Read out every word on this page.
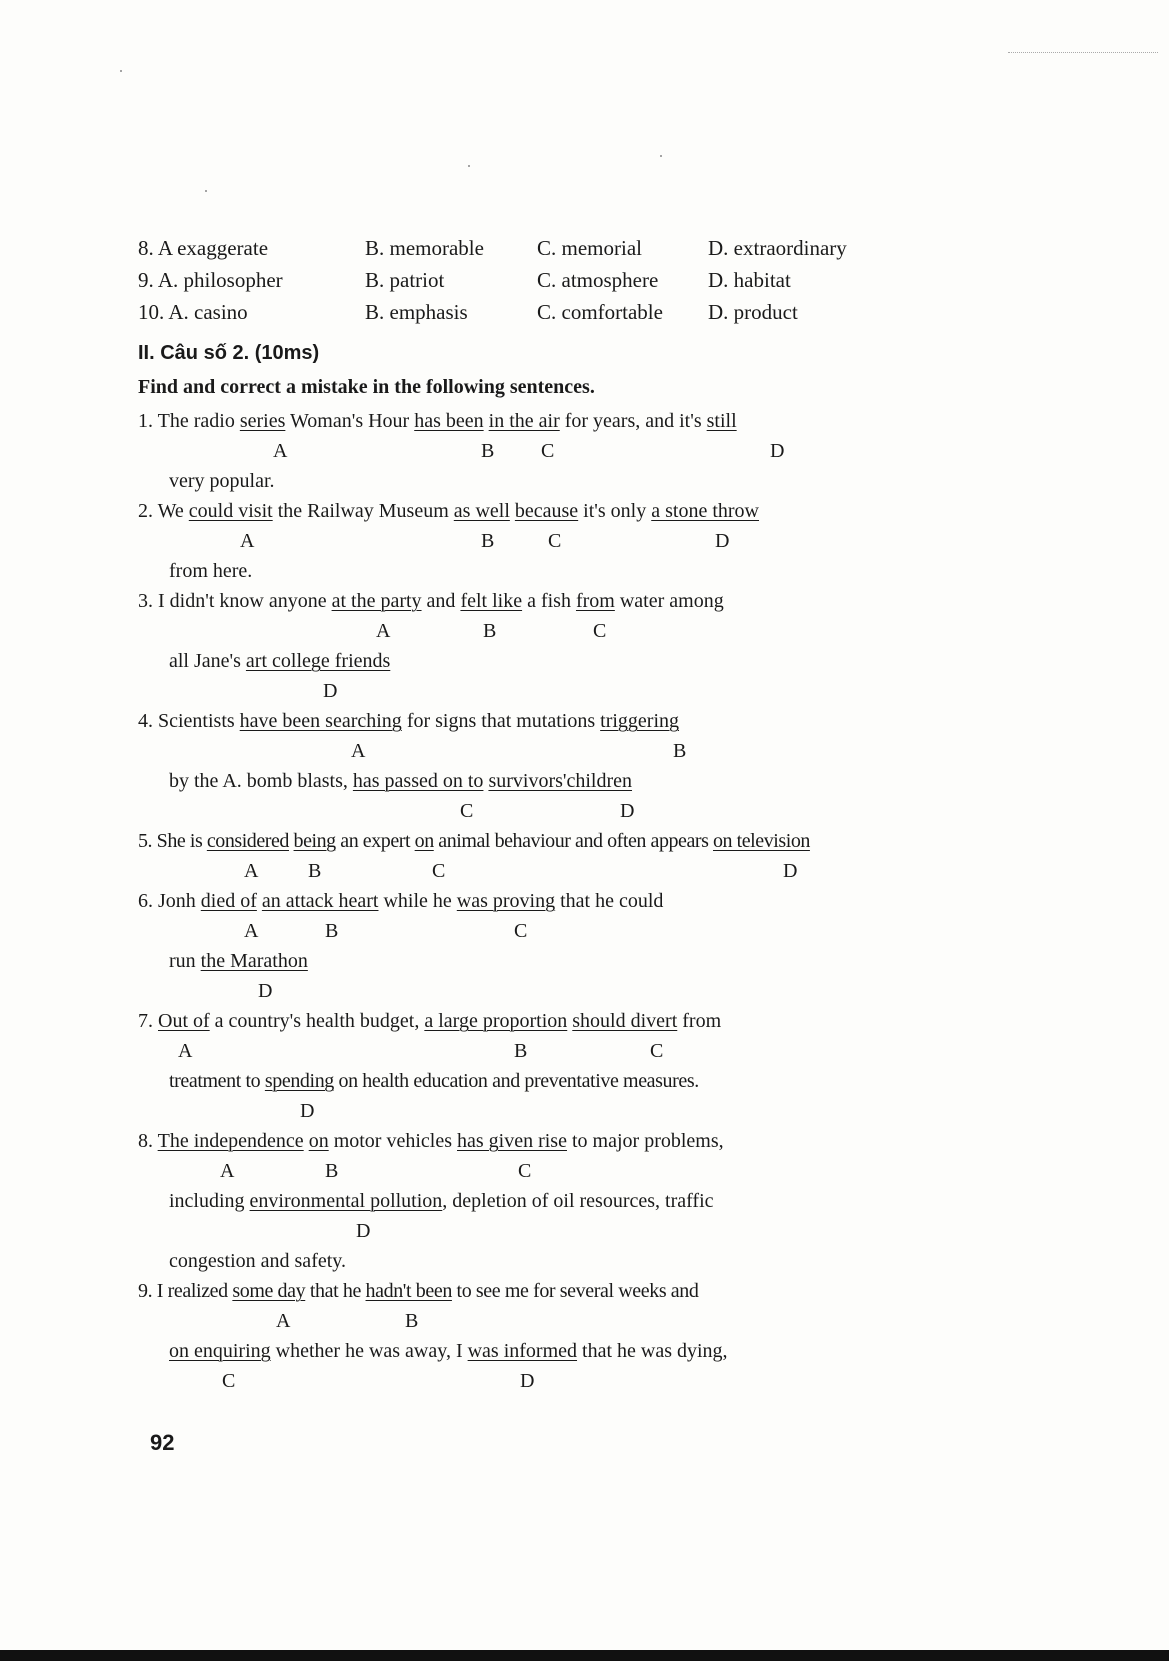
8. A exaggerate	B. memorable	C. memorial	D. extraordinary
9. A. philosopher	B. patriot	C. atmosphere D. habitat
10. A. casino	B. emphasis	C. comfortable D. product
II. Câu số 2. (10ms)
Find and correct a mistake in the following sentences.
1. The radio series Woman's Hour has been in the air for years, and it's still
A	B C	D
very popular.
2. We could visit the Railway Museum as well because it's only a stone throw
A	B	C	D
from here.
3. I didn't know anyone at the party and felt like a fish from water among
A	B	C
all Jane's art college friends
D
4. Scientists have been searching for signs that mutations triggering
A	B
by the A. bomb blasts, has passed on to survivors'children
C	D
5. She is considered being an expert on animal behaviour and often appears on television
A B	C	D
6. Jonh died of an attack heart while he was proving that he could
A	B	C
run the Marathon
D
7. Out of a country's health budget, a large proportion should divert from
A	B	C
treatment to spending on health education and preventative measures.
D
8. The independence on motor vehicles has given rise to major problems,
A	B	C
including environmental pollution, depletion of oil resources, traffic
D
congestion and safety.
9. I realized some day that he hadn't been to see me for several weeks and
A	B
on enquiring whether he was away, I was informed that he was dying,
C	D
92
